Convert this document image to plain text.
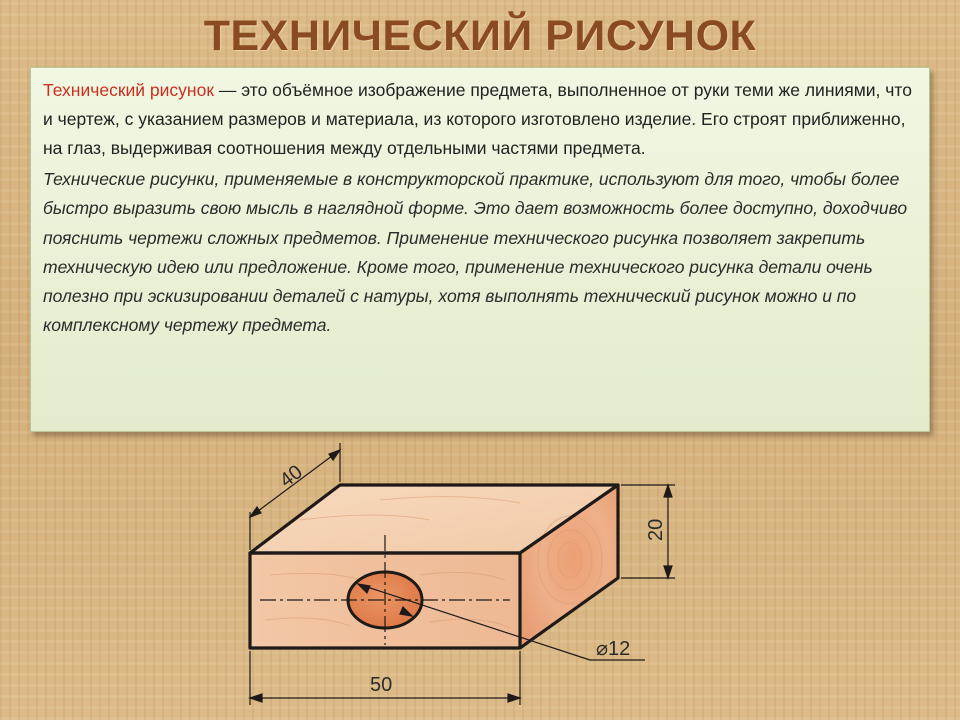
ТЕХНИЧЕСКИЙ РИСУНОК

Технический рисунок — это объёмное изображение предмета, выполненное от руки теми же линиями, что и чертеж, с указанием размеров и материала, из которого изготовлено изделие. Его строят приближенно, на глаз, выдерживая соотношения между отдельными частями предмета.

Технические рисунки, применяемые в конструкторской практике, используют для того, чтобы более быстро выразить свою мысль в наглядной форме. Это дает возможность более доступно, доходчиво пояснить чертежи сложных предметов. Применение технического рисунка позволяет закрепить техническую идею или предложение. Кроме того, применение технического рисунка детали очень полезно при эскизировании деталей с натуры, хотя выполнять технический рисунок можно и по комплексному чертежу предмета.

⌀12
40
20
50
